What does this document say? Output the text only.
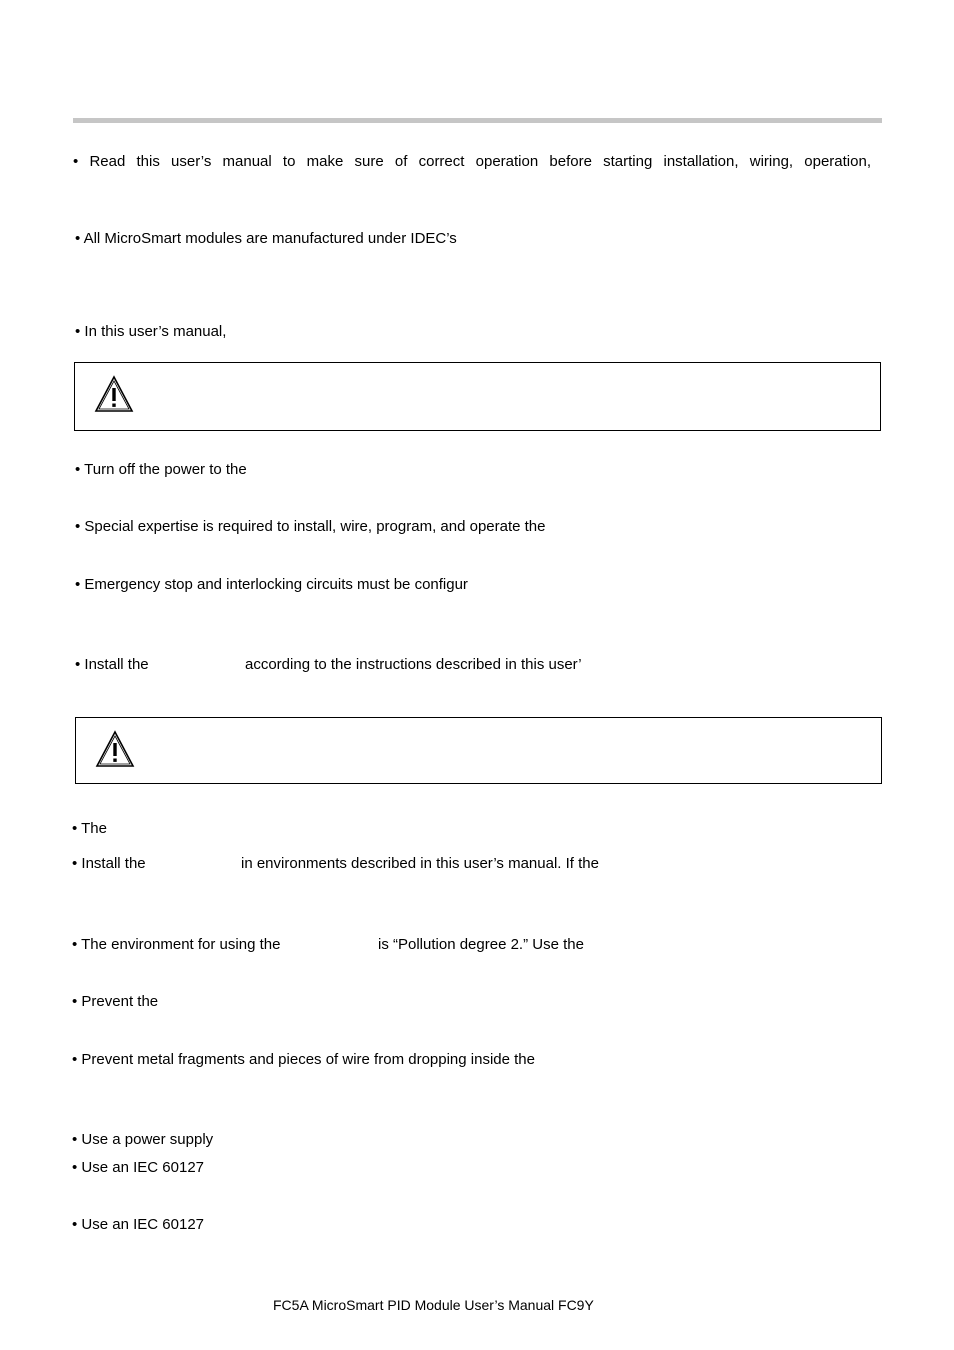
• Read this user’s manual to make sure of correct operation before starting installation, wiring, operation,
• All MicroSmart modules are manufactured under IDEC’s
• In this user’s manual,
• Turn off the power to the
• Special expertise is required to install, wire, program, and operate the
• Emergency stop and interlocking circuits must be configur
• Install the	according to the instructions described in this user’
• The
• Install the	in environments described in this user’s manual. If the
• The environment for using the	is “Pollution degree 2.” Use the
• Prevent the
• Prevent metal fragments and pieces of wire from dropping inside the
• Use a power supply
• Use an IEC 60127
• Use an IEC 60127
FC5A MicroSmart PID Module User’s Manual FC9Y
